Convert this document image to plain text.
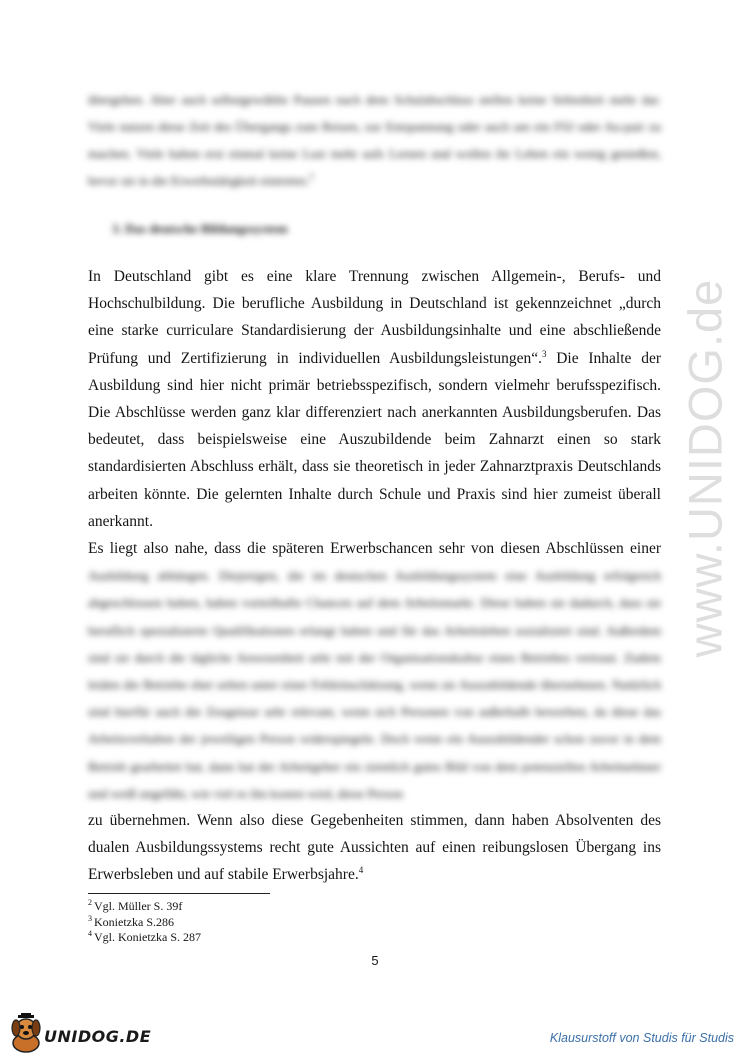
www.UNIDOG.de
übergehen. Aber auch selbstgewählte Pausen nach dem Schulabschluss stellen keine Seltenheit mehr dar. Viele nutzen diese Zeit des Übergangs zum Reisen, zur Entspannung oder auch um ein FSJ oder Au-pair zu machen. Viele haben erst einmal keine Lust mehr aufs Lernen und wollen ihr Leben ein wenig genießen, bevor sie in die Erwerbstätigkeit eintreten.$^2$
3. Das deutsche Bildungssystem

In Deutschland gibt es eine klare Trennung zwischen Allgemein-, Berufs- und Hochschulbildung. Die berufliche Ausbildung in Deutschland ist gekennzeichnet „durch eine starke curriculare Standardisierung der Ausbildungsinhalte und eine abschließende Prüfung und Zertifizierung in individuellen Ausbildungsleistungen“.$^3$ Die Inhalte der Ausbildung sind hier nicht primär betriebsspezifisch, sondern vielmehr berufsspezifisch. Die Abschlüsse werden ganz klar differenziert nach anerkannten Ausbildungsberufen. Das bedeutet, dass beispielsweise eine Auszubildende beim Zahnarzt einen so stark standardisierten Abschluss erhält, dass sie theoretisch in jeder Zahnarztpraxis Deutschlands arbeiten könnte. Die gelernten Inhalte durch Schule und Praxis sind hier zumeist überall anerkannt.

Es liegt also nahe, dass die späteren Erwerbschancen sehr von diesen Abschlüssen einer

Ausbildung abhängen. Diejenigen, die im deutschen Ausbildungssystem eine Ausbildung erfolgreich abgeschlossen haben, haben vorteilhafte Chancen auf dem Arbeitsmarkt. Diese haben sie dadurch, dass sie beruflich spezialisierte Qualifikationen erlangt haben und für das Arbeitsleben sozialisiert sind. Außerdem sind sie durch die tägliche Anwesenheit sehr mit der Organisationskultur eines Betriebes vertraut. Zudem leiden die Betriebe eher selten unter einer Fehleinschätzung, wenn sie Auszubildende übernehmen. Natürlich sind hierfür auch die Zeugnisse sehr relevant, wenn sich Personen von außerhalb bewerben, da diese das Arbeitsverhalten der jeweiligen Person widerspiegeln. Doch wenn ein Auszubildender schon zuvor in dem Betrieb gearbeitet hat, dann hat der Arbeitgeber ein ziemlich gutes Bild von dem potenziellen Arbeitnehmer und weiß ungefähr, wie viel es ihn kosten wird, diese Person

zu übernehmen. Wenn also diese Gegebenheiten stimmen, dann haben Absolventen des dualen Ausbildungssystems recht gute Aussichten auf einen reibungslosen Übergang ins Erwerbsleben und auf stabile Erwerbsjahre.$^4$

$^2$ Vgl. Müller S. 39f
$^3$ Konietzka S.286
$^4$ Vgl. Konietzka S. 287
5
UNIDOG.DE	Klausurstoff von Studis für Studis
